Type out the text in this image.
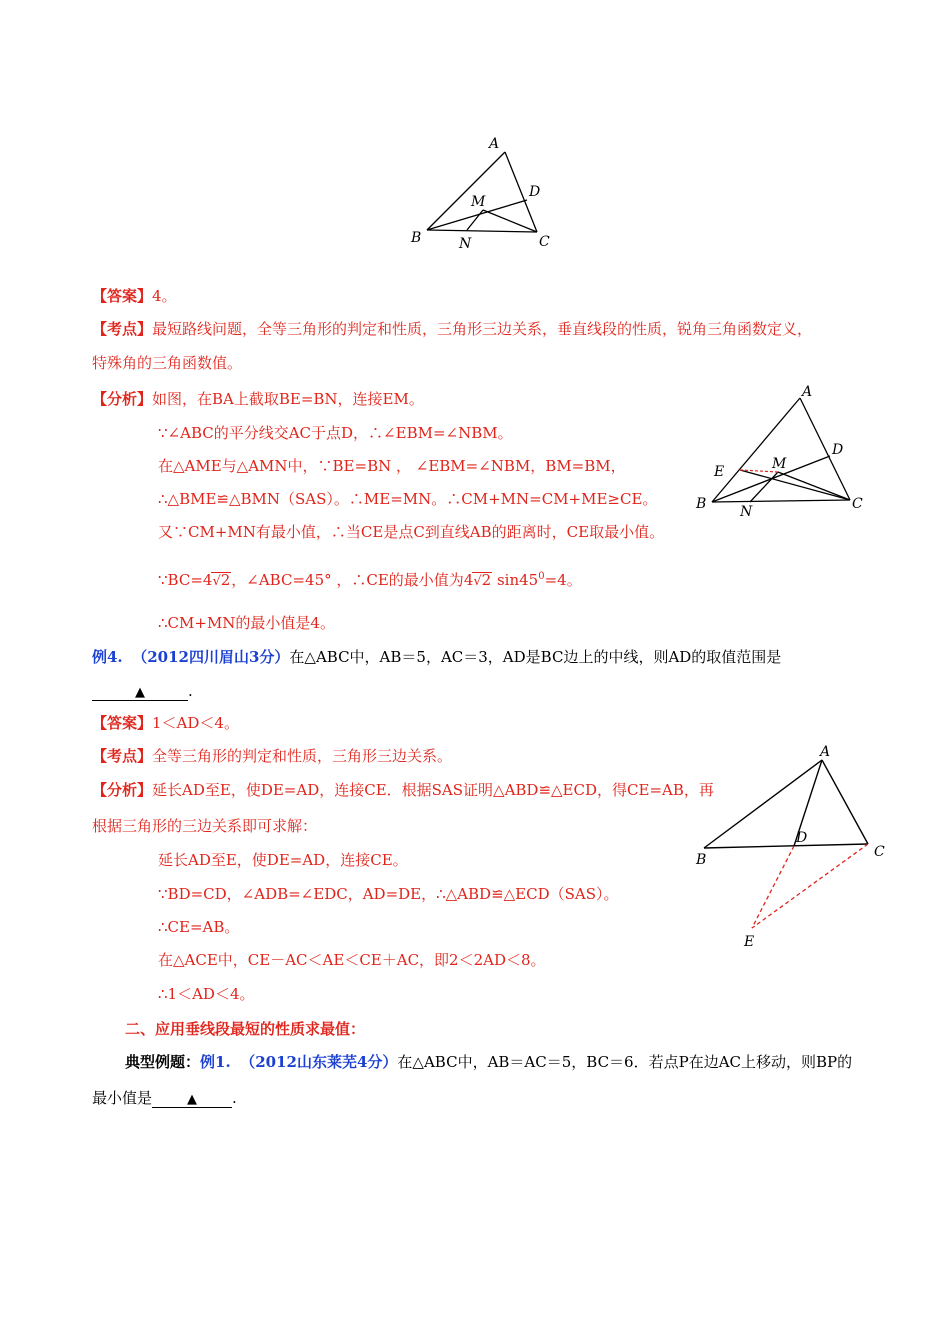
A
B	C
D
M
N
【答案】4。
【考点】最短路线问题，全等三角形的判定和性质，三角形三边关系，垂直线段的性质，锐角三角函数定义，
特殊角的三角函数值。
【分析】如图，在BA上截取BE=BN，连接EM。
∵∠ABC的平分线交AC于点D，∴∠EBM=∠NBM。
在△AME与△AMN中，∵BE=BN ， ∠EBM=∠NBM，BM=BM，
∴△BME≌△BMN（SAS）。∴ME=MN。∴CM+MN=CM+ME≥CE。
又∵CM+MN有最小值，∴当CE是点C到直线AB的距离时，CE取最小值。
∵BC=4√2，∠ABC=45° ，∴CE的最小值为4√2 $\sin 45^0=4$。
∴CM+MN的最小值是4。
A
B	C
D
E	M
N
例4. （2012四川眉山3分）在△ABC中，AB＝5，AC＝3，AD是BC边上的中线，则AD的取值范围是
▲	.
【答案】1＜AD＜4。
【考点】全等三角形的判定和性质，三角形三边关系。
【分析】延长AD至E，使DE=AD，连接CE．根据SAS证明△ABD≌△ECD，得CE=AB，再
根据三角形的三边关系即可求解：
延长AD至E，使DE=AD，连接CE。
∵BD=CD，∠ADB=∠EDC，AD=DE，∴△ABD≌△ECD（SAS）。
∴CE=AB。
在△ACE中，CE－AC＜AE＜CE＋AC，即2＜2AD＜8。
∴1＜AD＜4。
A
B	C
D
E
二、应用垂线段最短的性质求最值：
典型例题：例1. （2012山东莱芜4分）在△ABC中，AB＝AC＝5，BC＝6．若点P在边AC上移动，则BP的
最小值是	▲ .
